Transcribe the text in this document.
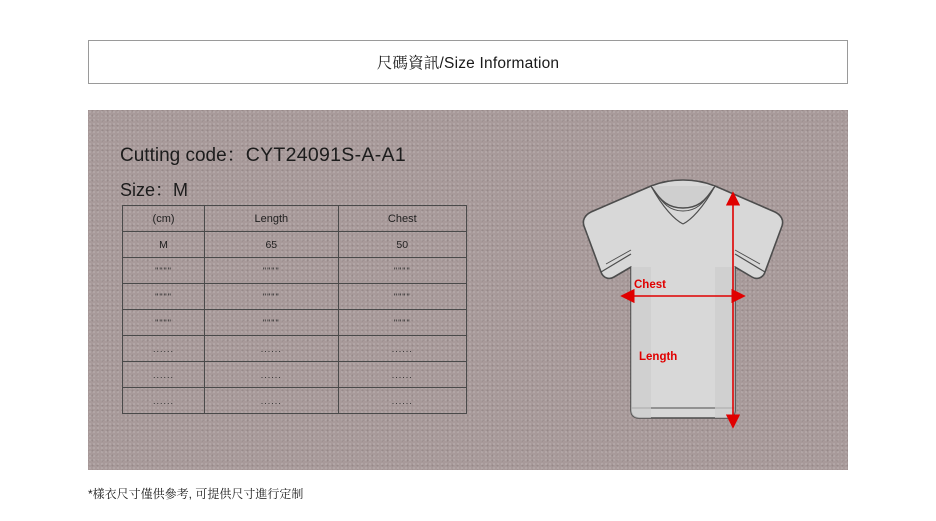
尺碼資訊/Size Information
Cutting code：CYT24091S-A-A1
Size：M
(cm)	Length	Chest
M	65	50
""""	""""	""""
""""	""""	""""
""""	""""	""""
......	......	......
......	......	......
......	......	......
Chest
Length
*樣衣尺寸僅供參考, 可提供尺寸進行定制
